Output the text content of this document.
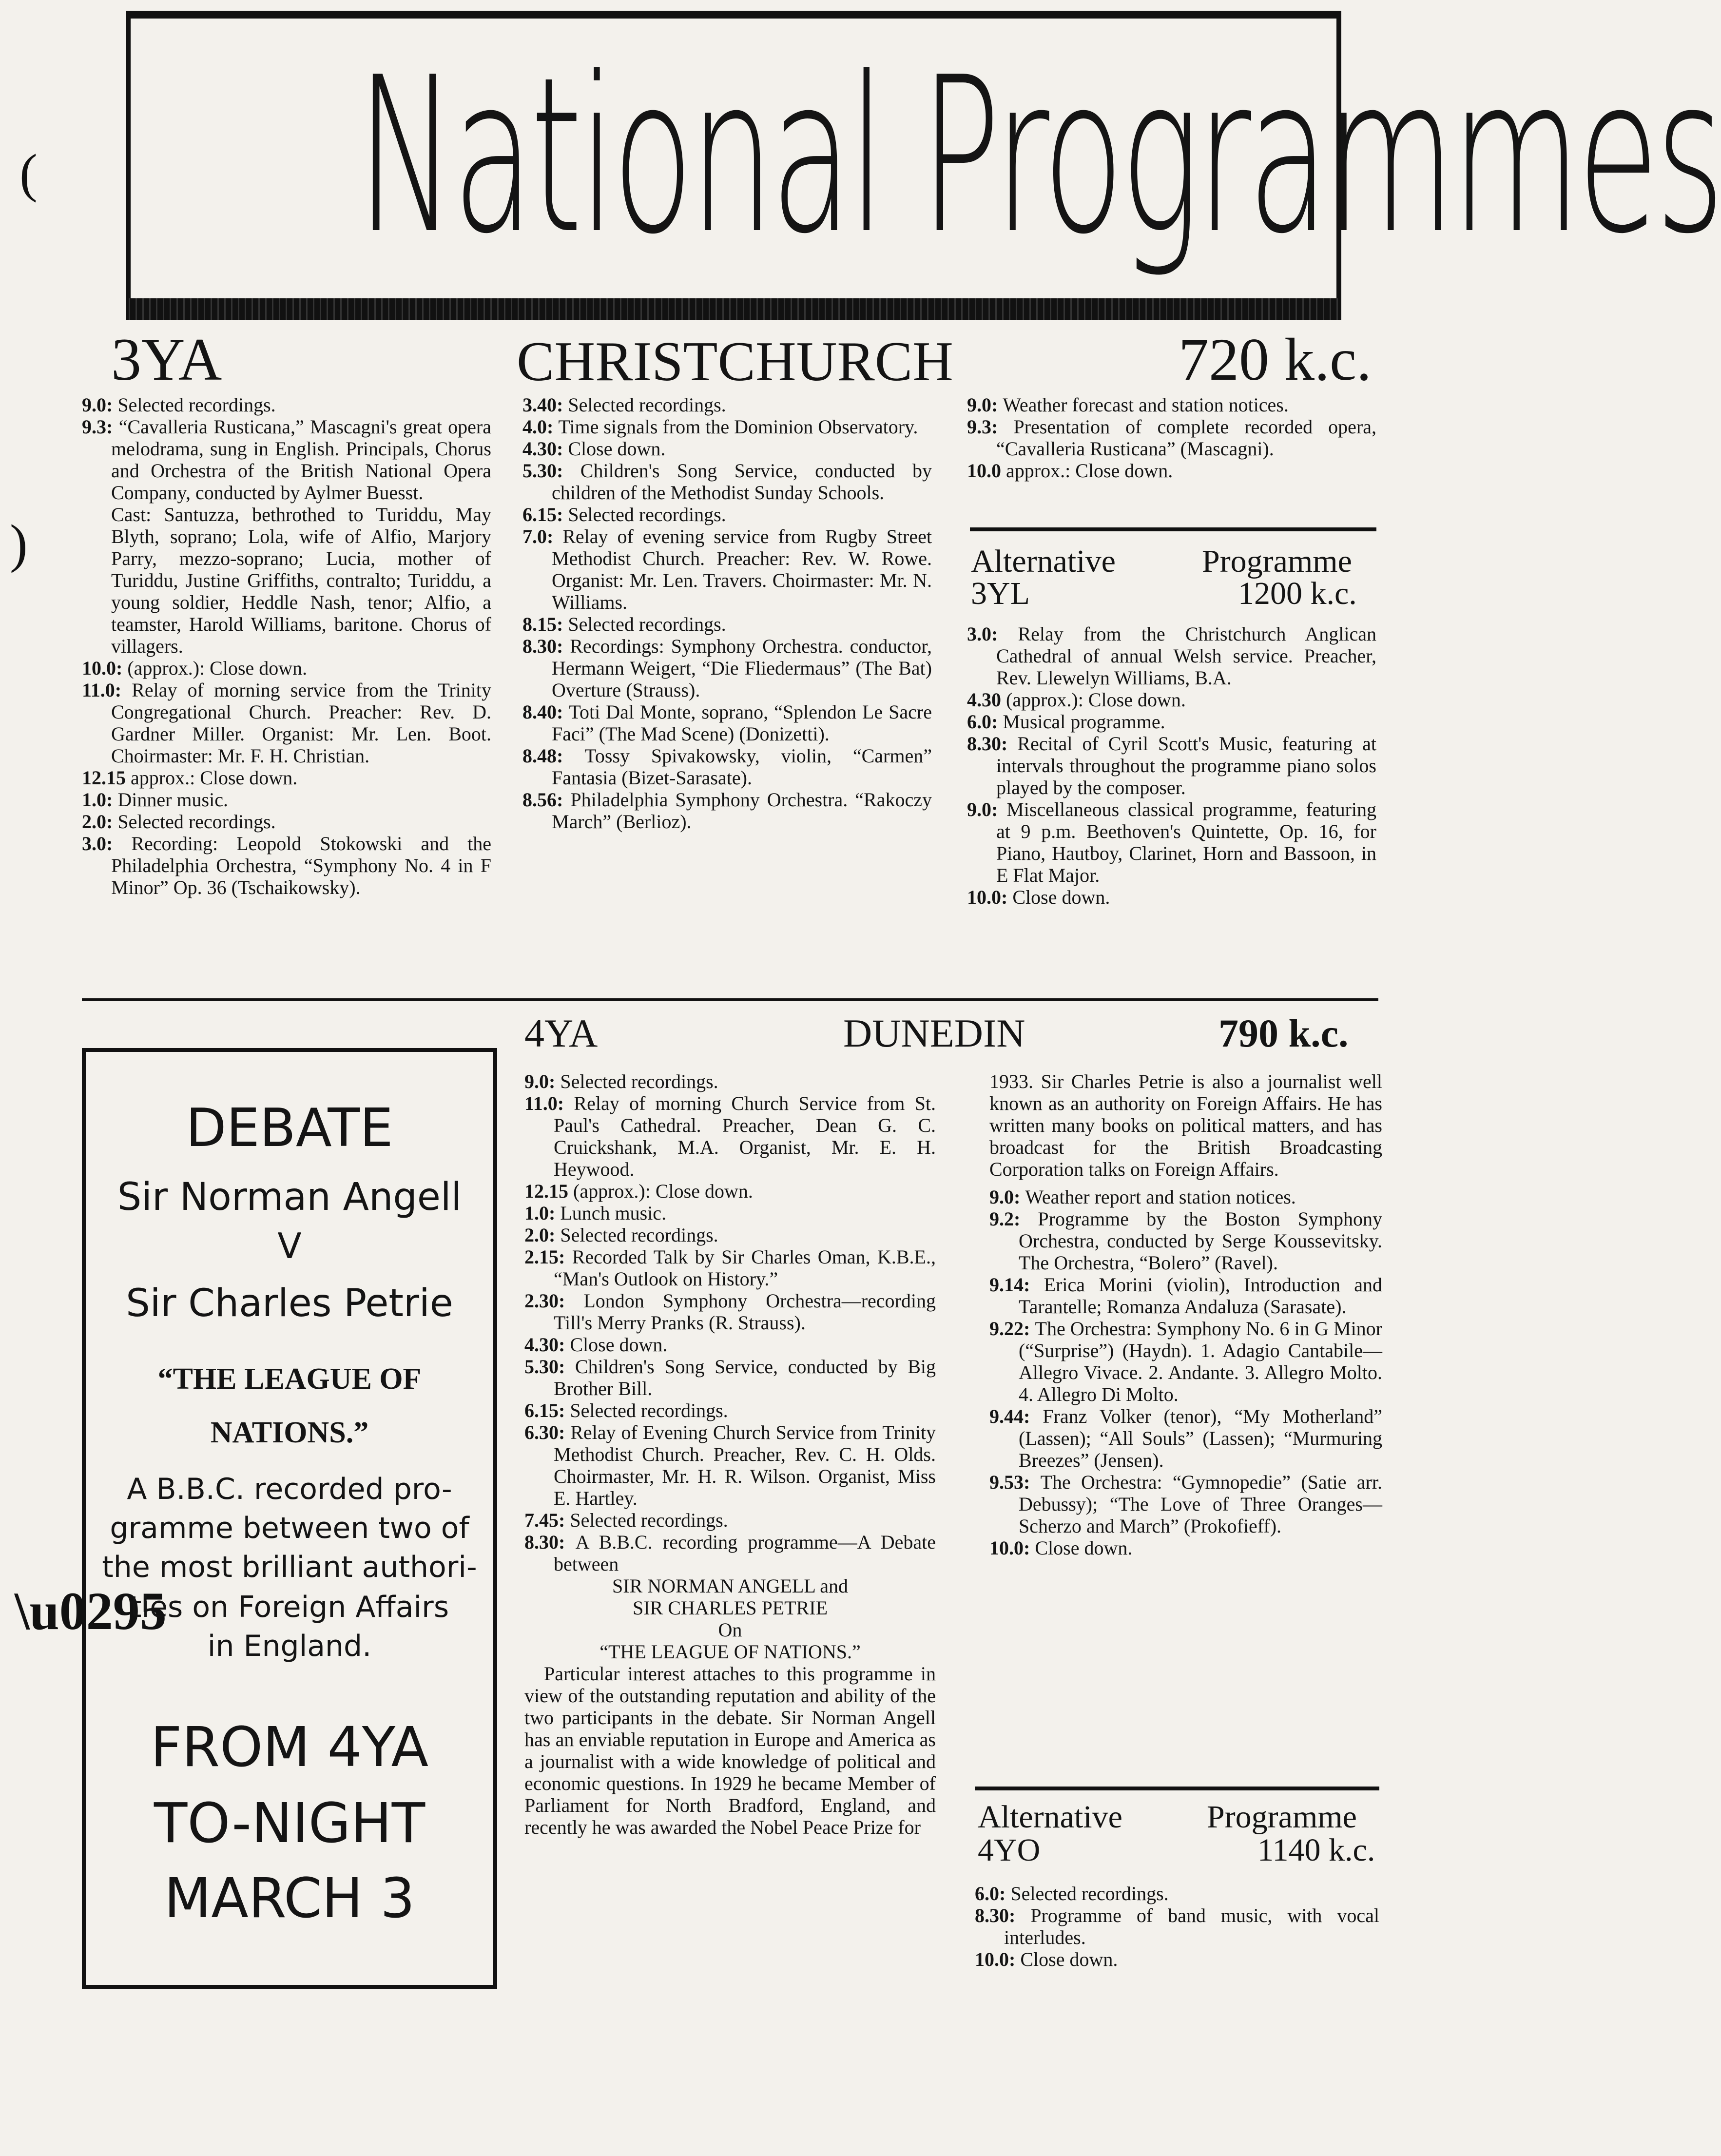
(
)
\u0295
National Programmes
3YA	CHRISTCHURCH	720 k.c.

9.0: Selected recordings.

9.3: “Cavalleria Rusticana,” Mascagni's great opera melodrama, sung in English. Principals, Chorus and Orchestra of the British National Opera Company, conducted by Aylmer Buesst.

Cast: Santuzza, bethrothed to Turiddu, May Blyth, soprano; Lola, wife of Alfio, Marjory Parry, mezzo-soprano; Lucia, mother of Turiddu, Justine Griffiths, contralto; Turiddu, a young soldier, Heddle Nash, tenor; Alfio, a teamster, Harold Williams, baritone. Chorus of villagers.

10.0: (approx.): Close down.

11.0: Relay of morning service from the Trinity Congregational Church. Preacher: Rev. D. Gardner Miller. Organist: Mr. Len. Boot. Choirmaster: Mr. F. H. Christian.

12.15 approx.: Close down.

1.0: Dinner music.

2.0: Selected recordings.

3.0: Recording: Leopold Stokowski and the Philadelphia Orchestra, “Symphony No. 4 in F Minor” Op. 36 (Tschaikowsky).

3.40: Selected recordings.

4.0: Time signals from the Dominion Observatory.

4.30: Close down.

5.30: Children's Song Service, conducted by children of the Methodist Sunday Schools.

6.15: Selected recordings.

7.0: Relay of evening service from Rugby Street Methodist Church. Preacher: Rev. W. Rowe. Organist: Mr. Len. Travers. Choirmaster: Mr. N. Williams.

8.15: Selected recordings.

8.30: Recordings: Symphony Orchestra. conductor, Hermann Weigert, “Die Fliedermaus” (The Bat) Overture (Strauss).

8.40: Toti Dal Monte, soprano, “Splendon Le Sacre Faci” (The Mad Scene) (Donizetti).

8.48: Tossy Spivakowsky, violin, “Carmen” Fantasia (Bizet-Sarasate).

8.56: Philadelphia Symphony Orchestra. “Rakoczy March” (Berlioz).

9.0: Weather forecast and station notices.

9.3: Presentation of complete recorded opera, “Cavalleria Rusticana” (Mascagni).

10.0 approx.: Close down.

Alternative	Programme
3YL	1200 k.c.

3.0: Relay from the Christchurch Anglican Cathedral of annual Welsh service. Preacher, Rev. Llewelyn Williams, B.A.

4.30 (approx.): Close down.

6.0: Musical programme.

8.30: Recital of Cyril Scott's Music, featuring at intervals throughout the programme piano solos played by the composer.

9.0: Miscellaneous classical programme, featuring at 9 p.m. Beethoven's Quintette, Op. 16, for Piano, Hautboy, Clarinet, Horn and Bassoon, in E Flat Major.

10.0: Close down.

DEBATE
Sir Norman Angell
V
Sir Charles Petrie
“THE LEAGUE OF
NATIONS.”
A B.B.C. recorded pro-
gramme between two of
the most brilliant authori-
ties on Foreign Affairs
in England.
FROM 4YA
TO-NIGHT
MARCH 3
4YA	DUNEDIN	790 k.c.

9.0: Selected recordings.

11.0: Relay of morning Church Service from St. Paul's Cathedral. Preacher, Dean G. C. Cruickshank, M.A. Organist, Mr. E. H. Heywood.

12.15 (approx.): Close down.

1.0: Lunch music.

2.0: Selected recordings.

2.15: Recorded Talk by Sir Charles Oman, K.B.E., “Man's Outlook on History.”

2.30: London Symphony Orchestra—recording Till's Merry Pranks (R. Strauss).

4.30: Close down.

5.30: Children's Song Service, conducted by Big Brother Bill.

6.15: Selected recordings.

6.30: Relay of Evening Church Service from Trinity Methodist Church. Preacher, Rev. C. H. Olds. Choirmaster, Mr. H. R. Wilson. Organist, Miss E. Hartley.

7.45: Selected recordings.

8.30: A B.B.C. recording programme—A Debate between

SIR NORMAN ANGELL and

SIR CHARLES PETRIE

On

“THE LEAGUE OF NATIONS.”

Particular interest attaches to this programme in view of the outstanding reputation and ability of the two participants in the debate. Sir Norman Angell has an enviable reputation in Europe and America as a journalist with a wide knowledge of political and economic questions. In 1929 he became Member of Parliament for North Bradford, England, and recently he was awarded the Nobel Peace Prize for

1933. Sir Charles Petrie is also a journalist well known as an authority on Foreign Affairs. He has written many books on political matters, and has broadcast for the British Broadcasting Corporation talks on Foreign Affairs.

9.0: Weather report and station notices.

9.2: Programme by the Boston Symphony Orchestra, conducted by Serge Koussevitsky. The Orchestra, “Bolero” (Ravel).

9.14: Erica Morini (violin), Introduction and Tarantelle; Romanza Andaluza (Sarasate).

9.22: The Orchestra: Symphony No. 6 in G Minor (“Surprise”) (Haydn). 1. Adagio Cantabile—Allegro Vivace. 2. Andante. 3. Allegro Molto. 4. Allegro Di Molto.

9.44: Franz Volker (tenor), “My Motherland” (Lassen); “All Souls” (Lassen); “Murmuring Breezes” (Jensen).

9.53: The Orchestra: “Gymnopedie” (Satie arr. Debussy); “The Love of Three Oranges—Scherzo and March” (Prokofieff).

10.0: Close down.

Alternative	Programme
4YO	1140 k.c.

6.0: Selected recordings.

8.30: Programme of band music, with vocal interludes.

10.0: Close down.
